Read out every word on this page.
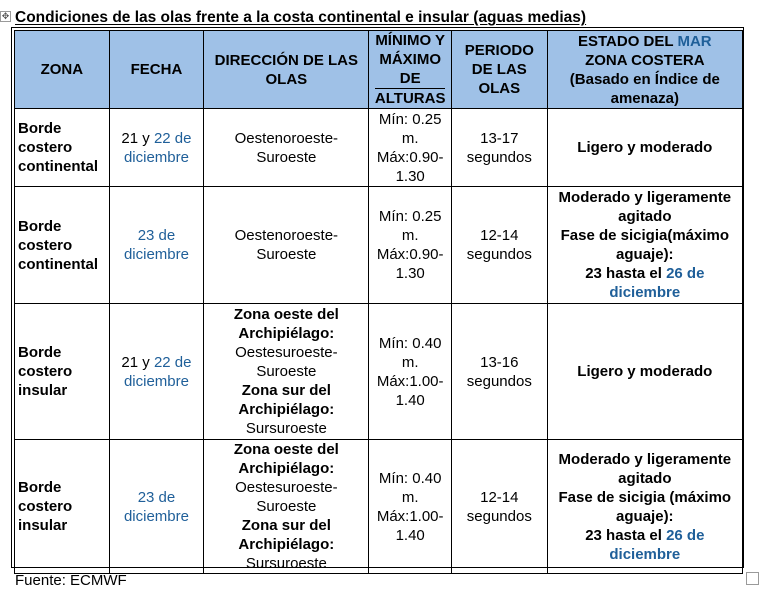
✥ Condiciones de las olas frente a la costa continental e insular (aguas medias)
ZONA	FECHA	DIRECCIÓN DE LAS OLAS	MÍNIMO Y MÁXIMO DE
ALTURAS	PERIODO DE LAS OLAS	ESTADO DEL MAR
ZONA COSTERA
(Basado en Índice de amenaza)
Borde costero continental	21 y 22 de diciembre	Oestenoroeste-Suroeste	Mín: 0.25 m.
Máx:0.90-1.30	13-17 segundos	Ligero y moderado
Borde costero continental	23 de diciembre	Oestenoroeste-Suroeste	Mín: 0.25 m.
Máx:0.90-1.30	12-14 segundos	Moderado y ligeramente agitado
Fase de sicigia(máximo aguaje):
23 hasta el 26 de diciembre
Borde costero insular	21 y 22 de diciembre	Zona oeste del Archipiélago:
Oestesuroeste-Suroeste
Zona sur del Archipiélago:
Sursuroeste	Mín: 0.40 m.
Máx:1.00-1.40	13-16 segundos	Ligero y moderado
Borde costero insular	23 de diciembre	Zona oeste del Archipiélago:
Oestesuroeste-Suroeste
Zona sur del Archipiélago:
Sursuroeste	Mín: 0.40 m.
Máx:1.00-1.40	12-14 segundos	Moderado y ligeramente agitado
Fase de sicigia (máximo aguaje):
23 hasta el 26 de diciembre
Fuente: ECMWF
